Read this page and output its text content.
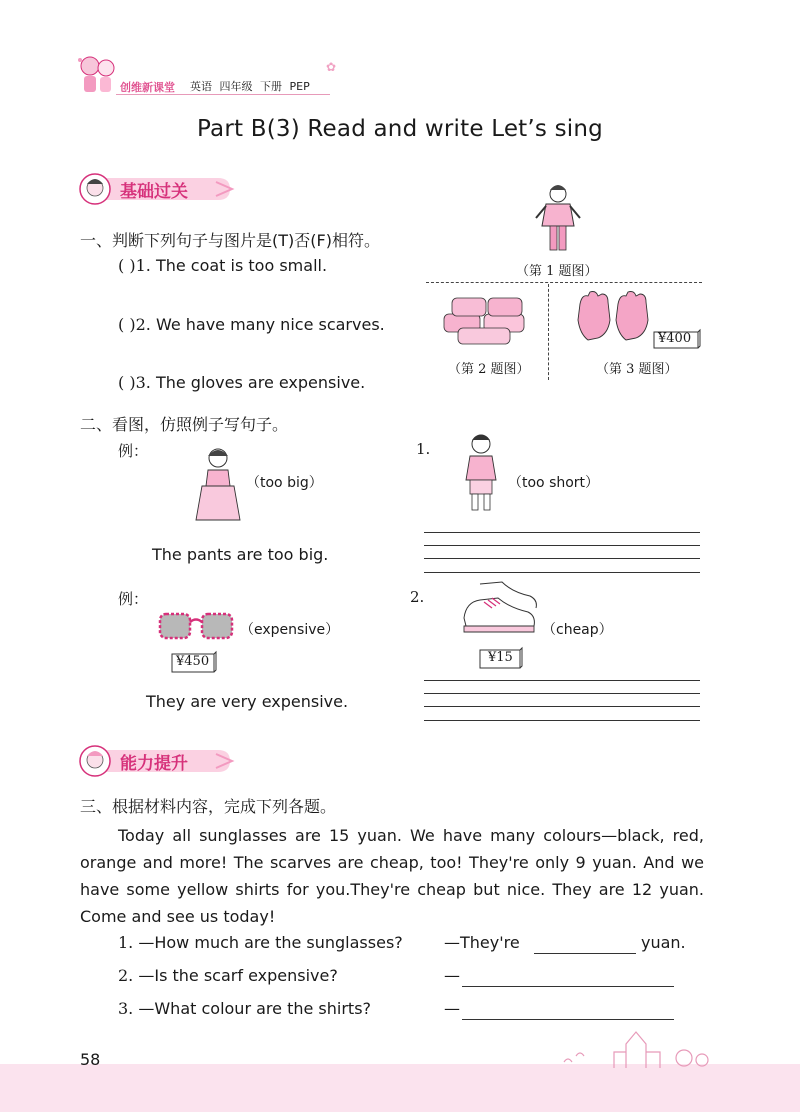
创维新课堂 英语 四年级 下册 PEP
✿
Part B(3) Read and write Let’s sing
基础过关
一、判断下列句子与图片是(T)否(F)相符。
( )1. The coat is too small.
( )2. We have many nice scarves.
( )3. The gloves are expensive.
（第 1 题图）
（第 2 题图）
¥400
（第 3 题图）
二、看图，仿照例子写句子。
例：
（too big）
The pants are too big.
1.
（too short）
例：
（expensive）
¥450
They are very expensive.
2.
（cheap）
¥15
能力提升
三、根据材料内容，完成下列各题。
Today all sunglasses are 15 yuan. We have many colours—black, red, orange and more! The scarves are cheap, too! They're only 9 yuan. And we have some yellow shirts for you.They're cheap but nice. They are 12 yuan. Come and see us today!
1. —How much are the sunglasses?	—They're	yuan.
2. —Is the scarf expensive?	—
3. —What colour are the shirts?	—
58
